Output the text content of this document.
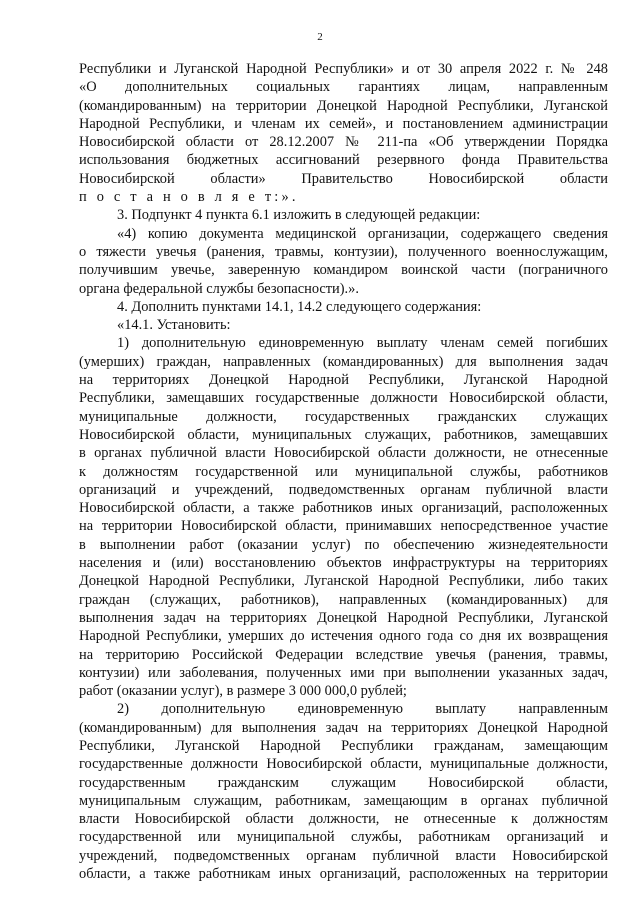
2
Республики и Луганской Народной Республики» и от 30 апреля 2022 г. № 248
«О дополнительных социальных гарантиях лицам, направленным
(командированным) на территории Донецкой Народной Республики, Луганской
Народной Республики, и членам их семей», и постановлением администрации
Новосибирской области от 28.12.2007 № 211-па «Об утверждении Порядка
использования бюджетных ассигнований резервного фонда Правительства
Новосибирской области» Правительство Новосибирской области
п о с т а н о в л я е т:».
3. Подпункт 4 пункта 6.1 изложить в следующей редакции:
«4) копию документа медицинской организации, содержащего сведения
о тяжести увечья (ранения, травмы, контузии), полученного военнослужащим,
получившим увечье, заверенную командиром воинской части (пограничного
органа федеральной службы безопасности).».
4. Дополнить пунктами 14.1, 14.2 следующего содержания:
«14.1. Установить:
1) дополнительную единовременную выплату членам семей погибших
(умерших) граждан, направленных (командированных) для выполнения задач
на территориях Донецкой Народной Республики, Луганской Народной
Республики, замещавших государственные должности Новосибирской области,
муниципальные должности, государственных гражданских служащих
Новосибирской области, муниципальных служащих, работников, замещавших
в органах публичной власти Новосибирской области должности, не отнесенные
к должностям государственной или муниципальной службы, работников
организаций и учреждений, подведомственных органам публичной власти
Новосибирской области, а также работников иных организаций, расположенных
на территории Новосибирской области, принимавших непосредственное участие
в выполнении работ (оказании услуг) по обеспечению жизнедеятельности
населения и (или) восстановлению объектов инфраструктуры на территориях
Донецкой Народной Республики, Луганской Народной Республики, либо таких
граждан (служащих, работников), направленных (командированных) для
выполнения задач на территориях Донецкой Народной Республики, Луганской
Народной Республики, умерших до истечения одного года со дня их возвращения
на территорию Российской Федерации вследствие увечья (ранения, травмы,
контузии) или заболевания, полученных ими при выполнении указанных задач,
работ (оказании услуг), в размере 3 000 000,0 рублей;
2) дополнительную единовременную выплату направленным
(командированным) для выполнения задач на территориях Донецкой Народной
Республики, Луганской Народной Республики гражданам, замещающим
государственные должности Новосибирской области, муниципальные должности,
государственным гражданским служащим Новосибирской области,
муниципальным служащим, работникам, замещающим в органах публичной
власти Новосибирской области должности, не отнесенные к должностям
государственной или муниципальной службы, работникам организаций и
учреждений, подведомственных органам публичной власти Новосибирской
области, а также работникам иных организаций, расположенных на территории
